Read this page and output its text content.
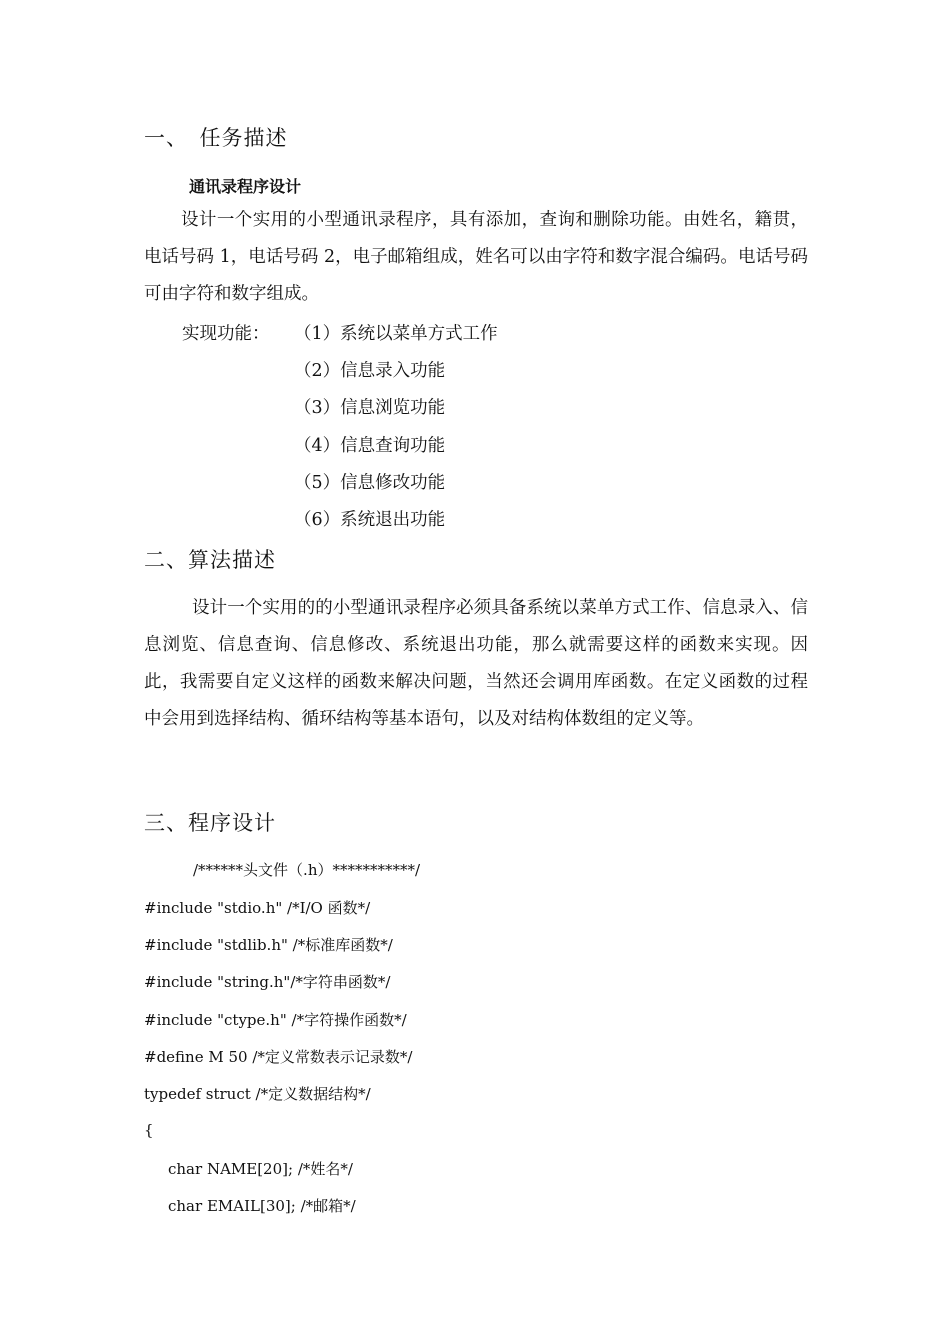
一、　任务描述
通讯录程序设计
设计一个实用的小型通讯录程序，具有添加，查询和删除功能。由姓名，籍贯，电话号码 1，电话号码 2，电子邮箱组成，姓名可以由字符和数字混合编码。电话号码可由字符和数字组成。
实现功能： （1）系统以菜单方式工作
（2）信息录入功能
（3）信息浏览功能
（4）信息查询功能
（5）信息修改功能
（6）系统退出功能
二、算法描述
设计一个实用的的小型通讯录程序必须具备系统以菜单方式工作、信息录入、信息浏览、信息查询、信息修改、系统退出功能，那么就需要这样的函数来实现。因此，我需要自定义这样的函数来解决问题，当然还会调用库函数。在定义函数的过程中会用到选择结构、循环结构等基本语句，以及对结构体数组的定义等。
三、程序设计
/******头文件（.h）***********/
#include "stdio.h" /*I/O 函数*/
#include "stdlib.h" /*标准库函数*/
#include "string.h"/*字符串函数*/
#include "ctype.h" /*字符操作函数*/
#define M 50 /*定义常数表示记录数*/
typedef struct /*定义数据结构*/
{
char NAME[20]; /*姓名*/
char EMAIL[30]; /*邮箱*/
